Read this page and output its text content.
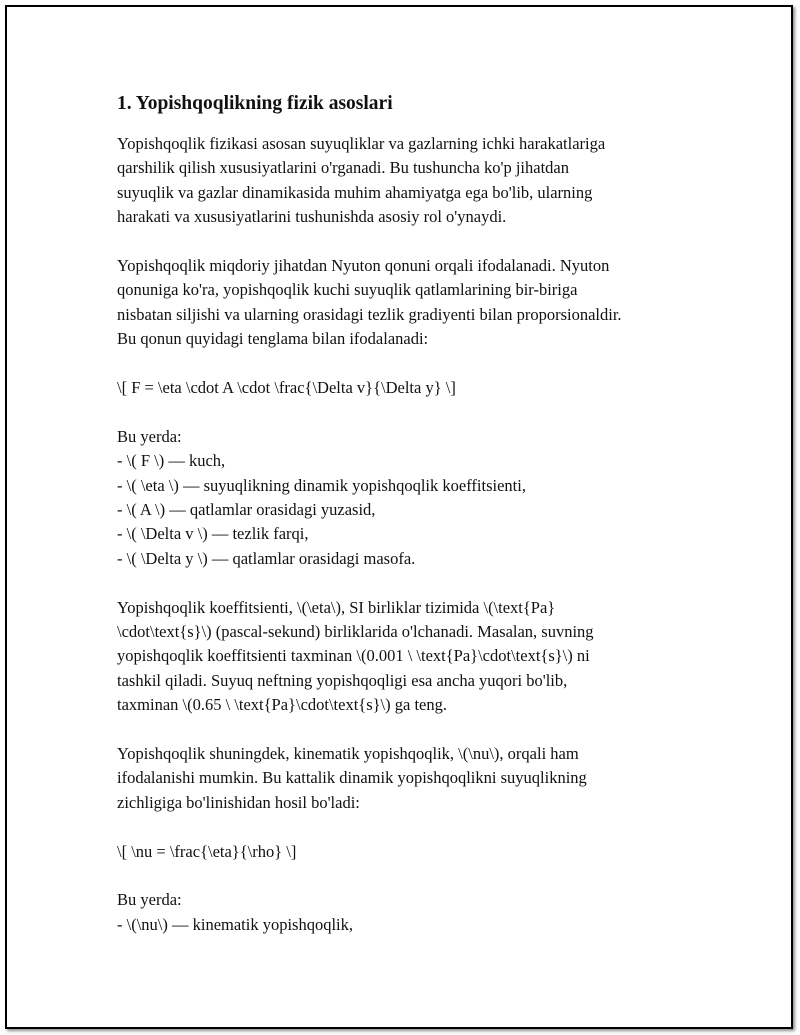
1. Yopishqoqlikning fizik asoslari

Yopishqoqlik fizikasi asosan suyuqliklar va gazlarning ichki harakatlariga
qarshilik qilish xususiyatlarini o'rganadi. Bu tushuncha ko'p jihatdan
suyuqlik va gazlar dinamikasida muhim ahamiyatga ega bo'lib, ularning
harakati va xususiyatlarini tushunishda asosiy rol o'ynaydi.

Yopishqoqlik miqdoriy jihatdan Nyuton qonuni orqali ifodalanadi. Nyuton
qonuniga ko'ra, yopishqoqlik kuchi suyuqlik qatlamlarining bir-biriga
nisbatan siljishi va ularning orasidagi tezlik gradiyenti bilan proporsionaldir.
Bu qonun quyidagi tenglama bilan ifodalanadi:

\[ F = \eta \cdot A \cdot \frac{\Delta v}{\Delta y} \]

Bu yerda:
- \( F \) — kuch,
- \( \eta \) — suyuqlikning dinamik yopishqoqlik koeffitsienti,
- \( A \) — qatlamlar orasidagi yuzasid,
- \( \Delta v \) — tezlik farqi,
- \( \Delta y \) — qatlamlar orasidagi masofa.

Yopishqoqlik koeffitsienti, \(\eta\), SI birliklar tizimida \(\text{Pa}
\cdot\text{s}\) (pascal-sekund) birliklarida o'lchanadi. Masalan, suvning
yopishqoqlik koeffitsienti taxminan \(0.001 \ \text{Pa}\cdot\text{s}\) ni
tashkil qiladi. Suyuq neftning yopishqoqligi esa ancha yuqori bo'lib,
taxminan \(0.65 \ \text{Pa}\cdot\text{s}\) ga teng.

Yopishqoqlik shuningdek, kinematik yopishqoqlik, \(\nu\), orqali ham
ifodalanishi mumkin. Bu kattalik dinamik yopishqoqlikni suyuqlikning
zichligiga bo'linishidan hosil bo'ladi:

\[ \nu = \frac{\eta}{\rho} \]

Bu yerda:
- \(\nu\) — kinematik yopishqoqlik,
